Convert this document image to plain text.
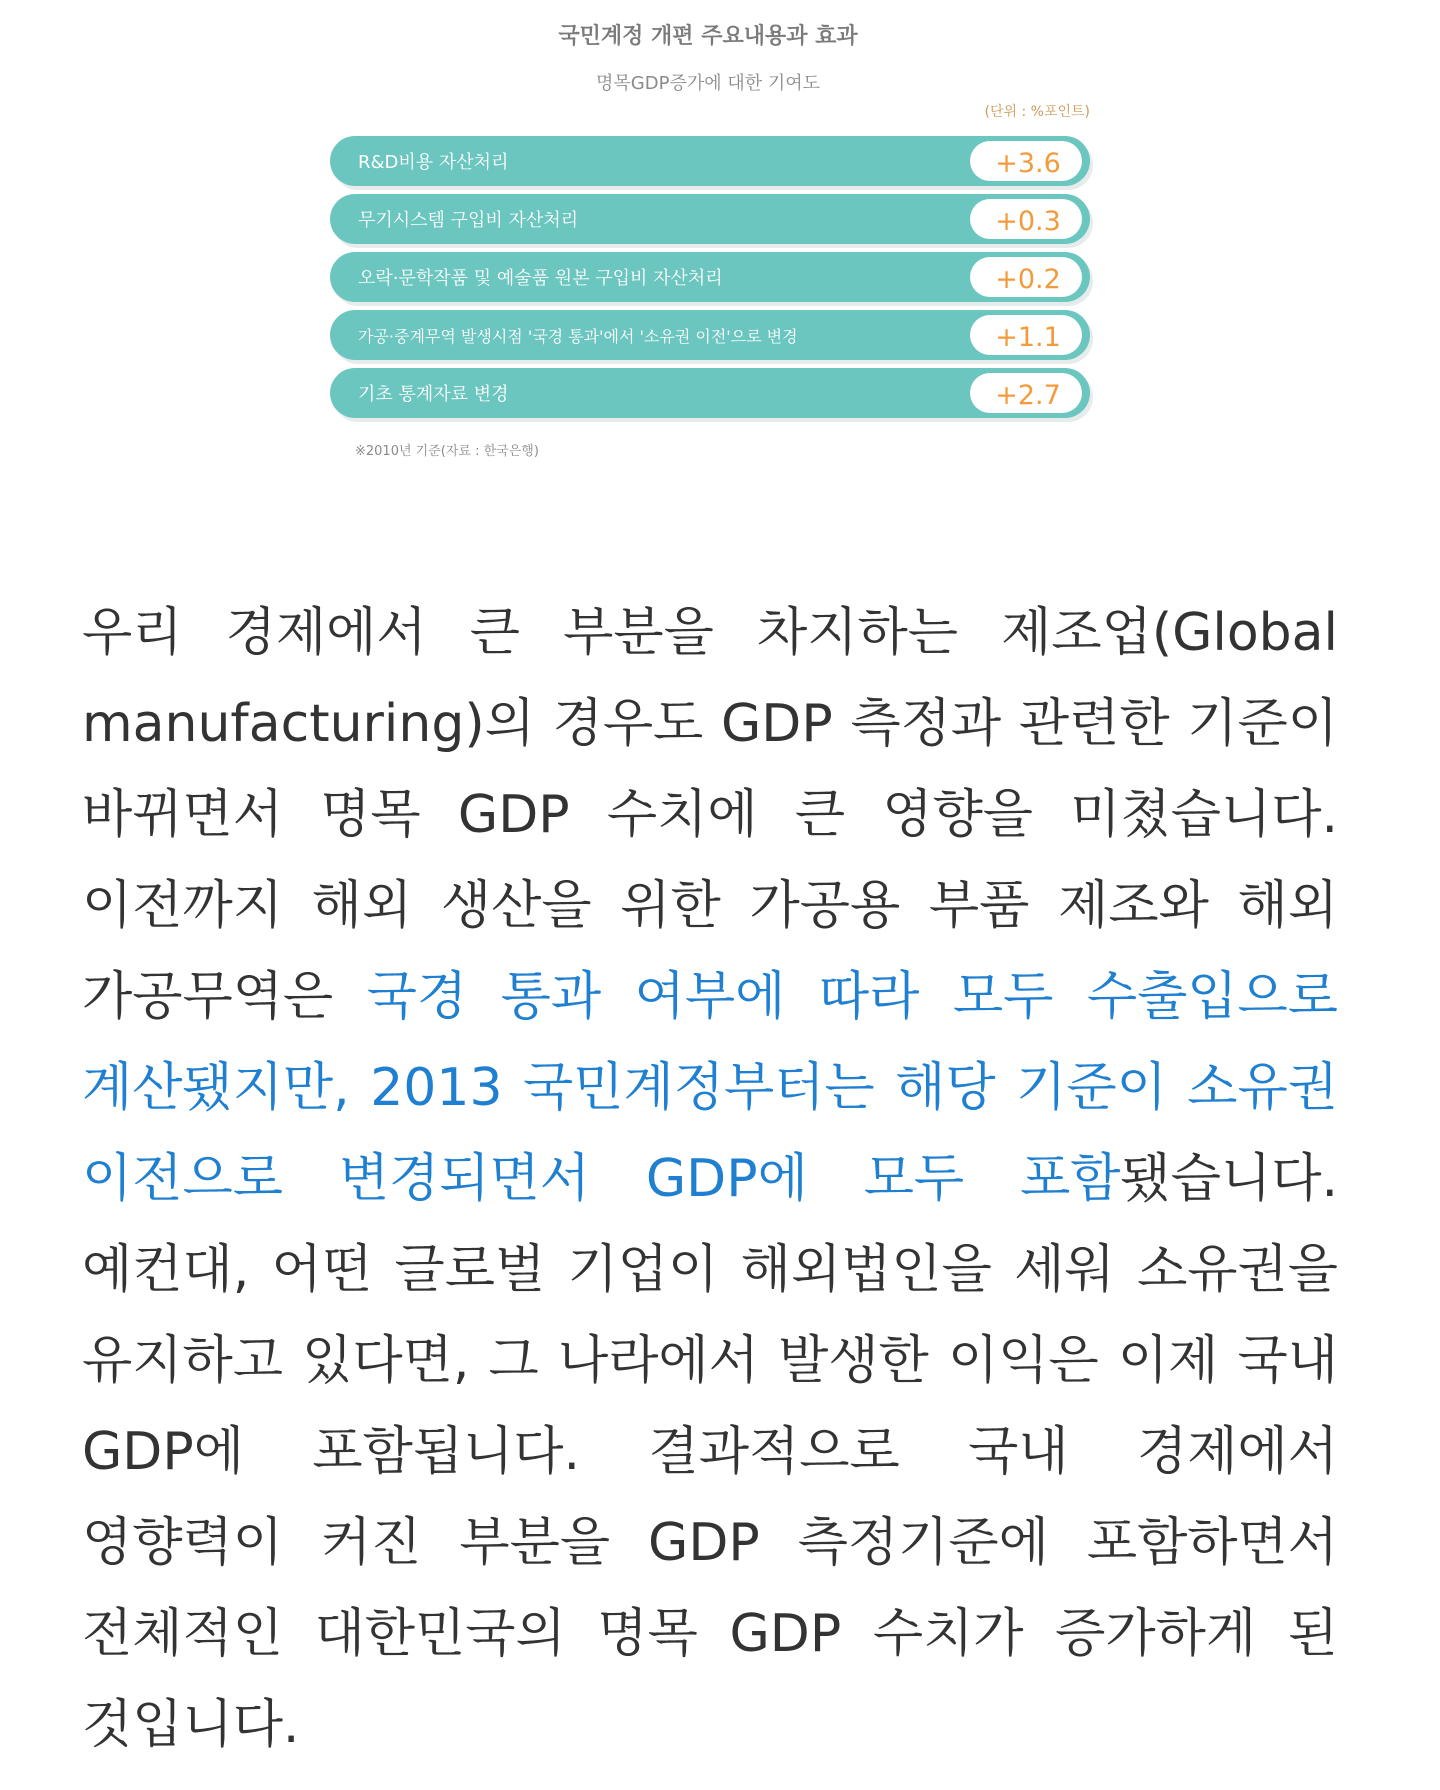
국민계정 개편 주요내용과 효과
명목GDP증가에 대한 기여도
(단위 : %포인트)
R&D비용 자산처리	+3.6
무기시스템 구입비 자산처리	+0.3
오락·문학작품 및 예술품 원본 구입비 자산처리	+0.2
가공·중계무역 발생시점 '국경 통과'에서 '소유권 이전'으로 변경	+1.1
기초 통계자료 변경	+2.7
※2010년 기준(자료 : 한국은행)

우리 경제에서 큰 부분을 차지하는 제조업(Global manufacturing)의 경우도 GDP 측정과 관련한 기준이 바뀌면서 명목 GDP 수치에 큰 영향을 미쳤습니다. 이전까지 해외 생산을 위한 가공용 부품 제조와 해외 가공무역은 국경 통과 여부에 따라 모두 수출입으로 계산됐지만, 2013 국민계정부터는 해당 기준이 소유권 이전으로 변경되면서 GDP에 모두 포함됐습니다. 예컨대, 어떤 글로벌 기업이 해외법인을 세워 소유권을 유지하고 있다면, 그 나라에서 발생한 이익은 이제 국내 GDP에 포함됩니다. 결과적으로 국내 경제에서 영향력이 커진 부분을 GDP 측정기준에 포함하면서 전체적인 대한민국의 명목 GDP 수치가 증가하게 된 것입니다.
